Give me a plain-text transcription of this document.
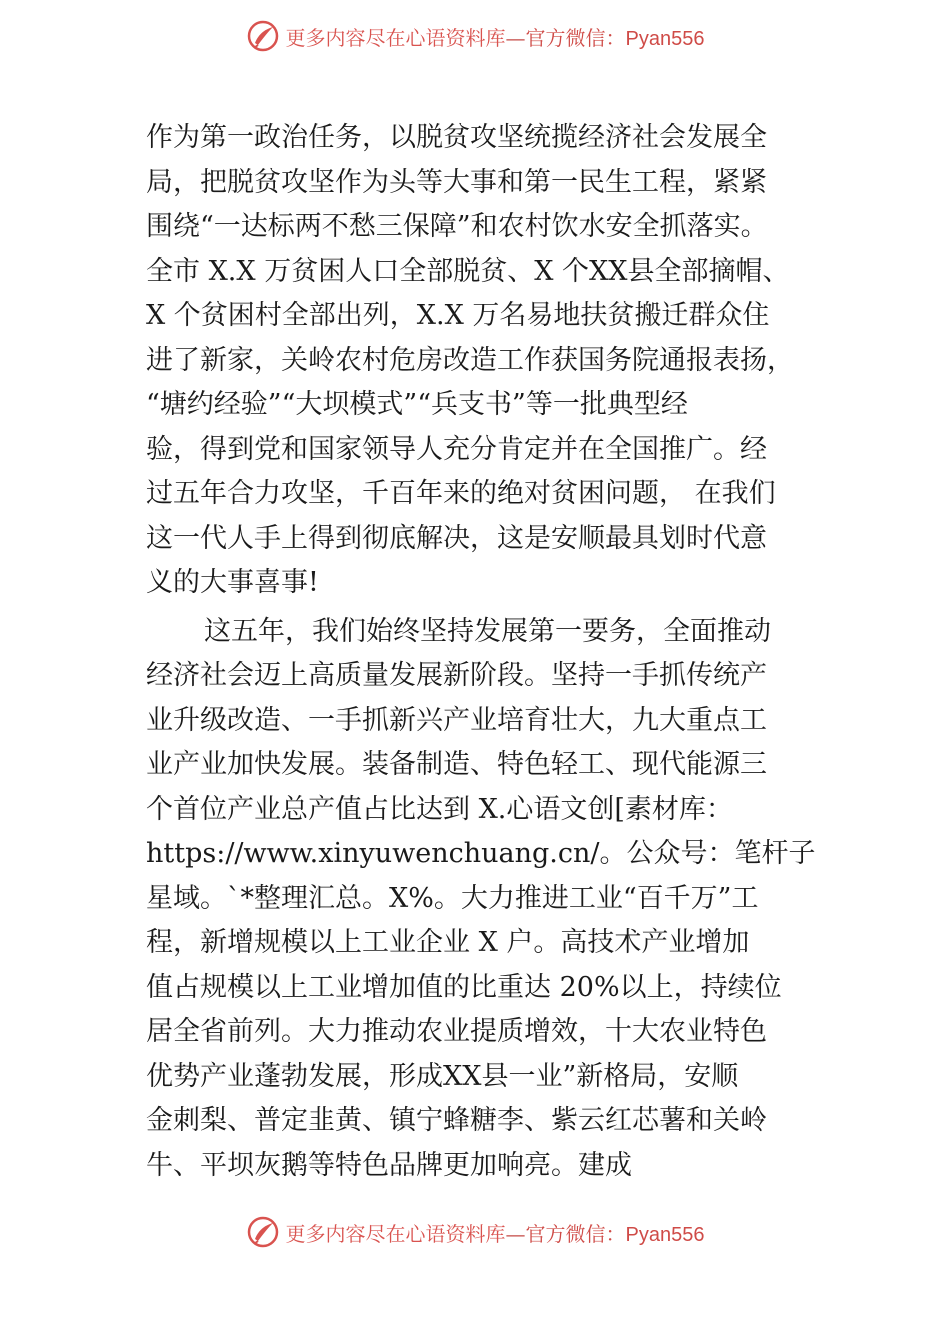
更多内容尽在心语资料库—官方微信：Pyan556

作为第一政治任务，以脱贫攻坚统揽经济社会发展全
局，把脱贫攻坚作为头等大事和第一民生工程，紧紧
围绕“一达标两不愁三保障”和农村饮水安全抓落实。
全市 X.X 万贫困人口全部脱贫、X 个XX县全部摘帽、
X 个贫困村全部出列，X.X 万名易地扶贫搬迁群众住
进了新家，关岭农村危房改造工作获国务院通报表扬，
“塘约经验”“大坝模式”“兵支书”等一批典型经
验，得到党和国家领导人充分肯定并在全国推广。经
过五年合力攻坚，千百年来的绝对贫困问题， 在我们
这一代人手上得到彻底解决，这是安顺最具划时代意
义的大事喜事!

这五年，我们始终坚持发展第一要务，全面推动
经济社会迈上高质量发展新阶段。坚持一手抓传统产
业升级改造、一手抓新兴产业培育壮大，九大重点工
业产业加快发展。装备制造、特色轻工、现代能源三
个首位产业总产值占比达到 X.心语文创[素材库：
https://www.xinyuwenchuang.cn/。公众号：笔杆子
星域。`*整理汇总。X%。大力推进工业“百千万”工
程，新增规模以上工业企业 X 户。高技术产业增加
值占规模以上工业增加值的比重达 20%以上，持续位
居全省前列。大力推动农业提质增效，十大农业特色
优势产业蓬勃发展，形成XX县一业”新格局，安顺
金刺梨、普定韭黄、镇宁蜂糖李、紫云红芯薯和关岭
牛、平坝灰鹅等特色品牌更加响亮。建成

更多内容尽在心语资料库—官方微信：Pyan556
